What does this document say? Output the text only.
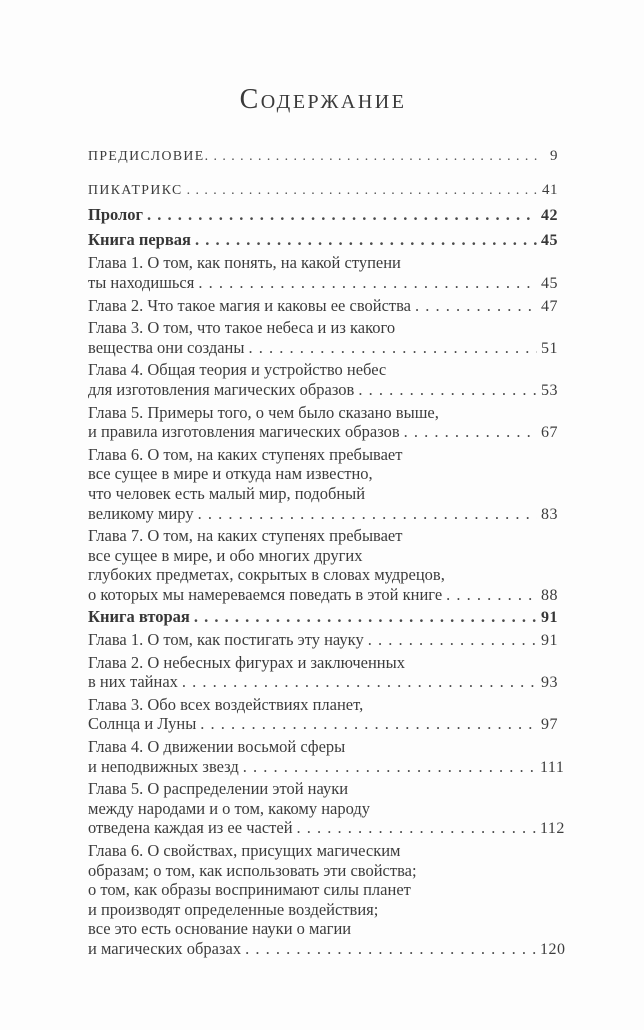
Содержание
ПРЕДИСЛОВИЕ. . . .	9
ПИКАТРИКС . . .	41
Пролог . . .	42
Книга первая . . .	45
Глава 1. О том, как понять, на какой ступени
ты находишься . . .	45
Глава 2. Что такое магия и каковы ее свойства . . .	47
Глава 3. О том, что такое небеса и из какого
вещества они созданы . . .	51
Глава 4. Общая теория и устройство небес
для изготовления магических образов . . .	53
Глава 5. Примеры того, о чем было сказано выше,
и правила изготовления магических образов . . .	67
Глава 6. О том, на каких ступенях пребывает
все сущее в мире и откуда нам известно,
что человек есть малый мир, подобный
великому миру . . .	83
Глава 7. О том, на каких ступенях пребывает
все сущее в мире, и обо многих других
глубоких предметах, сокрытых в словах мудрецов,
о которых мы намереваемся поведать в этой книге . . .	88
Книга вторая . . .	91
Глава 1. О том, как постигать эту науку . . .	91
Глава 2. О небесных фигурах и заключенных
в них тайнах . . .	93
Глава 3. Обо всех воздействиях планет,
Солнца и Луны . . .	97
Глава 4. О движении восьмой сферы
и неподвижных звезд . . .	111
Глава 5. О распределении этой науки
между народами и о том, какому народу
отведена каждая из ее частей . . .	112
Глава 6. О свойствах, присущих магическим
образам; о том, как использовать эти свойства;
о том, как образы воспринимают силы планет
и производят определенные воздействия;
все это есть основание науки о магии
и магических образах . . .	120
